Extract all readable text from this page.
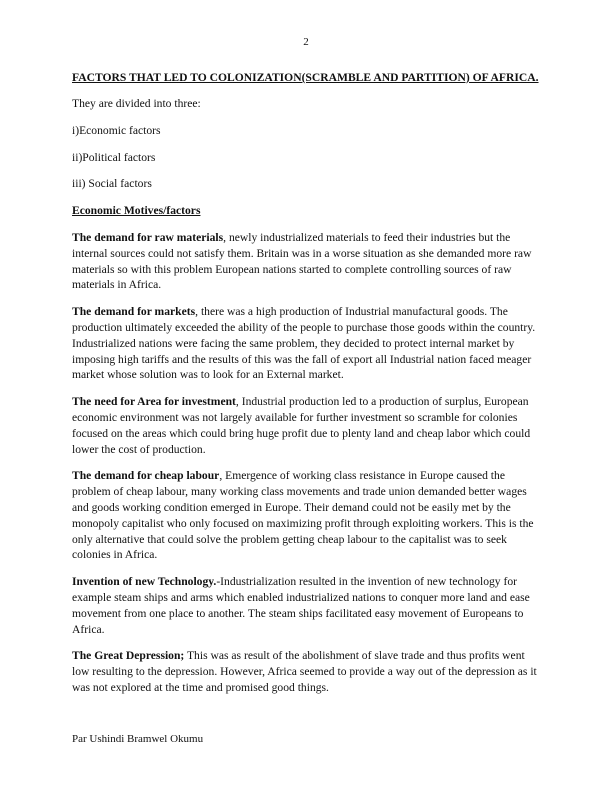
2

FACTORS THAT LED TO COLONIZATION(SCRAMBLE AND PARTITION) OF AFRICA.

They are divided into three:

i)Economic factors

ii)Political factors

iii) Social factors

Economic Motives/factors

The demand for raw materials, newly industrialized materials to feed their industries but the internal sources could not satisfy them. Britain was in a worse situation as she demanded more raw materials so with this problem European nations started to complete controlling sources of raw materials in Africa.

The demand for markets, there was a high production of Industrial manufactural goods. The production ultimately exceeded the ability of the people to purchase those goods within the country. Industrialized nations were facing the same problem, they decided to protect internal market by imposing high tariffs and the results of this was the fall of export all Industrial nation faced meager market whose solution was to look for an External market.

The need for Area for investment, Industrial production led to a production of surplus, European economic environment was not largely available for further investment so scramble for colonies focused on the areas which could bring huge profit due to plenty land and cheap labor which could lower the cost of production.

The demand for cheap labour, Emergence of working class resistance in Europe caused the problem of cheap labour, many working class movements and trade union demanded better wages and goods working condition emerged in Europe. Their demand could not be easily met by the monopoly capitalist who only focused on maximizing profit through exploiting workers. This is the only alternative that could solve the problem getting cheap labour to the capitalist was to seek colonies in Africa.

Invention of new Technology.-Industrialization resulted in the invention of new technology for example steam ships and arms which enabled industrialized nations to conquer more land and ease movement from one place to another. The steam ships facilitated easy movement of Europeans to Africa.

The Great Depression; This was as result of the abolishment of slave trade and thus profits went low resulting to the depression. However, Africa seemed to provide a way out of the depression as it was not explored at the time and promised good things.

Par Ushindi Bramwel Okumu
